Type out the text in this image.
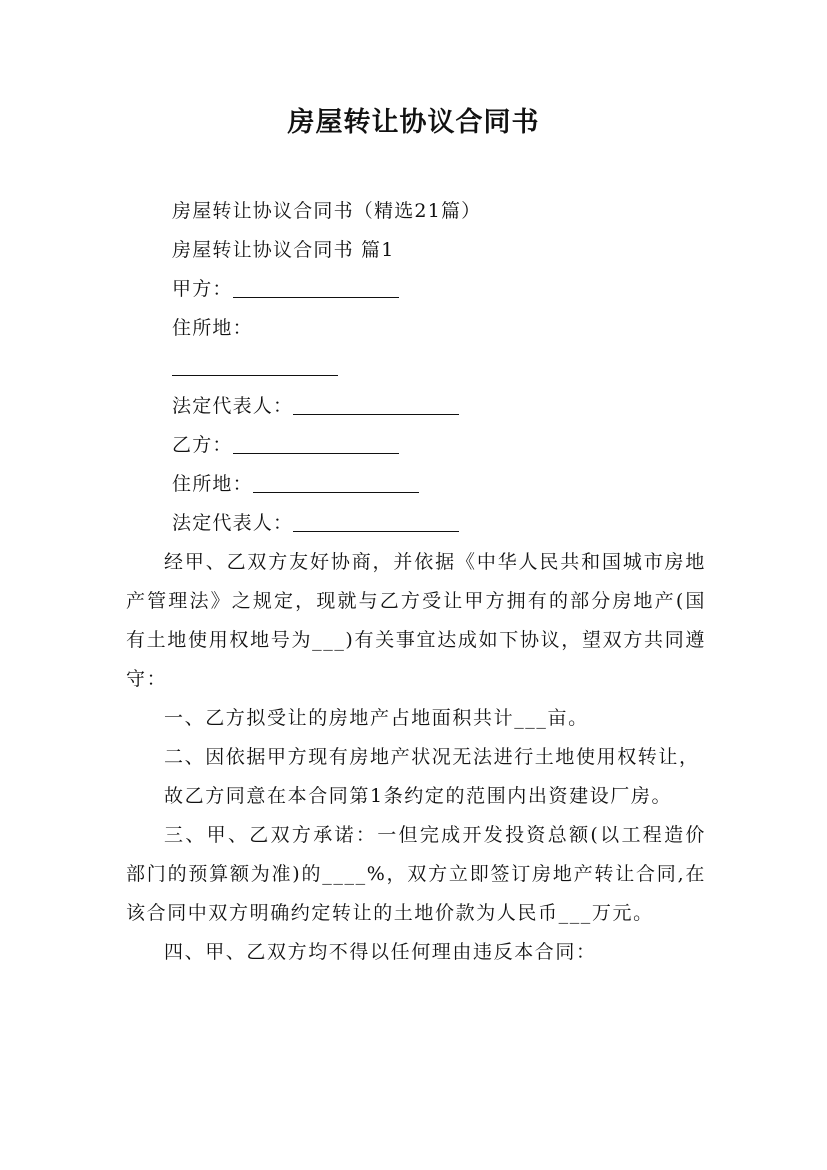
房屋转让协议合同书
房屋转让协议合同书（精选21篇）
房屋转让协议合同书 篇1
甲方：
住所地：
法定代表人：
乙方：
住所地：
法定代表人：
经甲、乙双方友好协商，并依据《中华人民共和国城市房地产管理法》之规定，现就与乙方受让甲方拥有的部分房地产(国有土地使用权地号为___)有关事宜达成如下协议，望双方共同遵守：
一、乙方拟受让的房地产占地面积共计___亩。
二、因依据甲方现有房地产状况无法进行土地使用权转让，
故乙方同意在本合同第1条约定的范围内出资建设厂房。
三、甲、乙双方承诺：一但完成开发投资总额(以工程造价部门的预算额为准)的____%，双方立即签订房地产转让合同,在该合同中双方明确约定转让的土地价款为人民币___万元。
四、甲、乙双方均不得以任何理由违反本合同：
